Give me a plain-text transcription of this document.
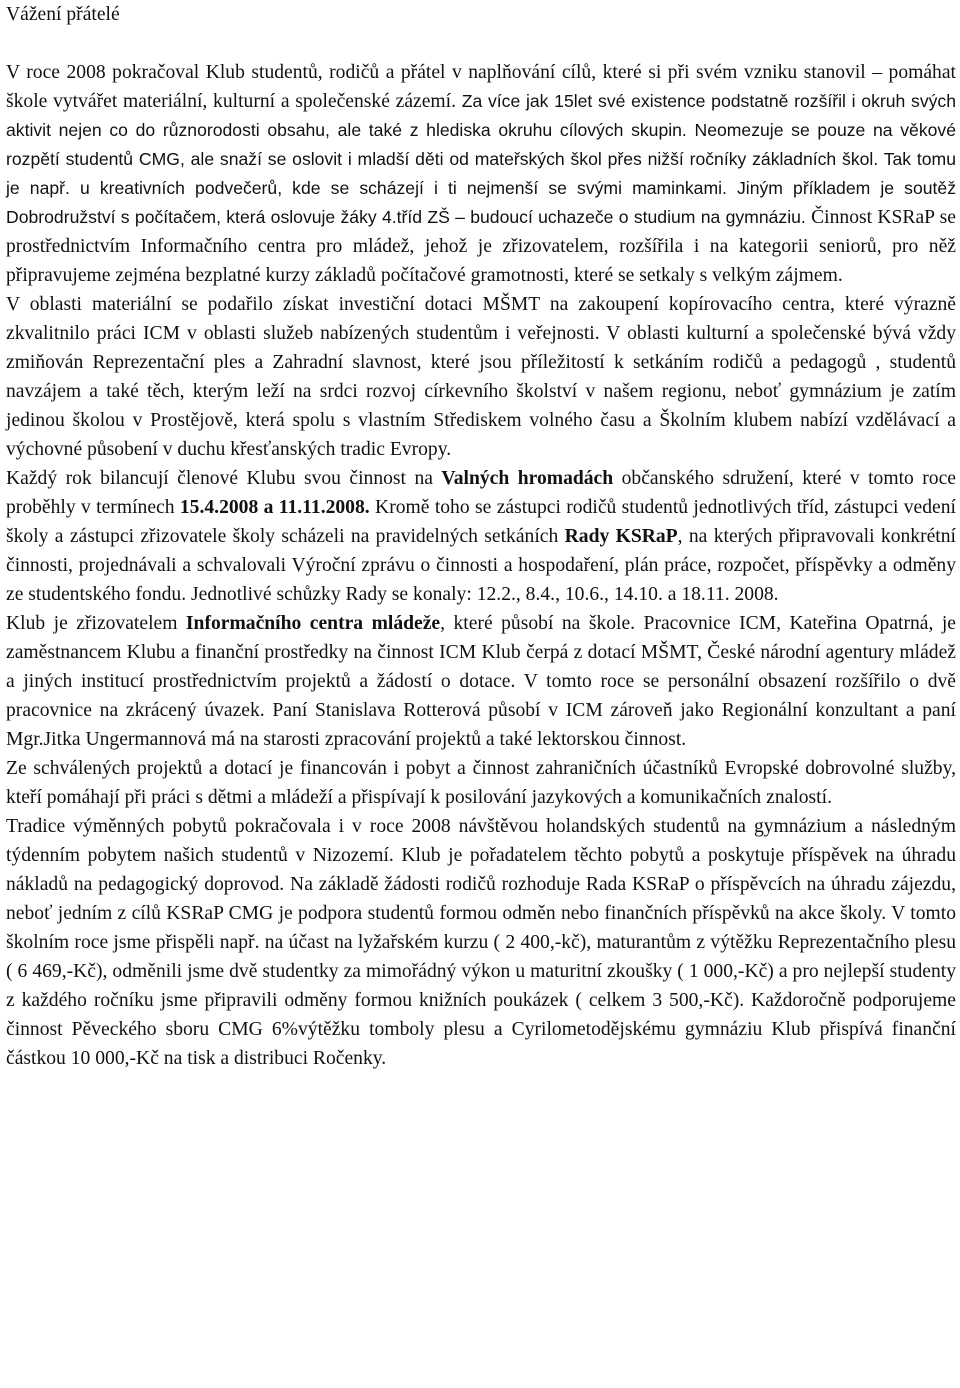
Vážení přátelé

V roce 2008 pokračoval Klub studentů, rodičů a přátel v naplňování cílů, které si při svém vzniku stanovil – pomáhat škole vytvářet materiální, kulturní a společenské zázemí. Za více jak 15let své existence podstatně rozšířil i okruh svých aktivit nejen co do různorodosti obsahu, ale také z hlediska okruhu cílových skupin. Neomezuje se pouze na věkové rozpětí studentů CMG, ale snaží se oslovit i mladší děti od mateřských škol přes nižší ročníky základních škol. Tak tomu je např. u kreativních podvečerů, kde se scházejí i ti nejmenší se svými maminkami. Jiným příkladem je soutěž Dobrodružství s počítačem, která oslovuje žáky 4.tříd ZŠ – budoucí uchazeče o studium na gymnáziu. Činnost KSRaP se prostřednictvím Informačního centra pro mládež, jehož je zřizovatelem, rozšířila i na kategorii seniorů, pro něž připravujeme zejména bezplatné kurzy základů počítačové gramotnosti, které se setkaly s velkým zájmem.

V oblasti materiální se podařilo získat investiční dotaci MŠMT na zakoupení kopírovacího centra, které výrazně zkvalitnilo práci ICM v oblasti služeb nabízených studentům i veřejnosti. V oblasti kulturní a společenské bývá vždy zmiňován Reprezentační ples a Zahradní slavnost, které jsou příležitostí k setkáním rodičů a pedagogů , studentů navzájem a také těch, kterým leží na srdci rozvoj církevního školství v našem regionu, neboť gymnázium je zatím jedinou školou v Prostějově, která spolu s vlastním Střediskem volného času a Školním klubem nabízí vzdělávací a výchovné působení v duchu křesťanských tradic Evropy.

Každý rok bilancují členové Klubu svou činnost na Valných hromadách občanského sdružení, které v tomto roce proběhly v termínech 15.4.2008 a 11.11.2008. Kromě toho se zástupci rodičů studentů jednotlivých tříd, zástupci vedení školy a zástupci zřizovatele školy scházeli na pravidelných setkáních Rady KSRaP, na kterých připravovali konkrétní činnosti, projednávali a schvalovali Výroční zprávu o činnosti a hospodaření, plán práce, rozpočet, příspěvky a odměny ze studentského fondu. Jednotlivé schůzky Rady se konaly: 12.2., 8.4., 10.6., 14.10. a 18.11. 2008.

Klub je zřizovatelem Informačního centra mládeže, které působí na škole. Pracovnice ICM, Kateřina Opatrná, je zaměstnancem Klubu a finanční prostředky na činnost ICM Klub čerpá z dotací MŠMT, České národní agentury mládež a jiných institucí prostřednictvím projektů a žádostí o dotace. V tomto roce se personální obsazení rozšířilo o dvě pracovnice na zkrácený úvazek. Paní Stanislava Rotterová působí v ICM zároveň jako Regionální konzultant a paní Mgr.Jitka Ungermannová má na starosti zpracování projektů a také lektorskou činnost.

Ze schválených projektů a dotací je financován i pobyt a činnost zahraničních účastníků Evropské dobrovolné služby, kteří pomáhají při práci s dětmi a mládeží a přispívají k posilování jazykových a komunikačních znalostí.

Tradice výměnných pobytů pokračovala i v roce 2008 návštěvou holandských studentů na gymnázium a následným týdenním pobytem našich studentů v Nizozemí. Klub je pořadatelem těchto pobytů a poskytuje příspěvek na úhradu nákladů na pedagogický doprovod. Na základě žádosti rodičů rozhoduje Rada KSRaP o příspěvcích na úhradu zájezdu, neboť jedním z cílů KSRaP CMG je podpora studentů formou odměn nebo finančních příspěvků na akce školy. V tomto školním roce jsme přispěli např. na účast na lyžařském kurzu ( 2 400,-kč), maturantům z výtěžku Reprezentačního plesu ( 6 469,-Kč), odměnili jsme dvě studentky za mimořádný výkon u maturitní zkoušky ( 1 000,-Kč) a pro nejlepší studenty z každého ročníku jsme připravili odměny formou knižních poukázek ( celkem 3 500,-Kč). Každoročně podporujeme činnost Pěveckého sboru CMG 6%výtěžku tomboly plesu a Cyrilometodějskému gymnáziu Klub přispívá finanční částkou 10 000,-Kč na tisk a distribuci Ročenky.
